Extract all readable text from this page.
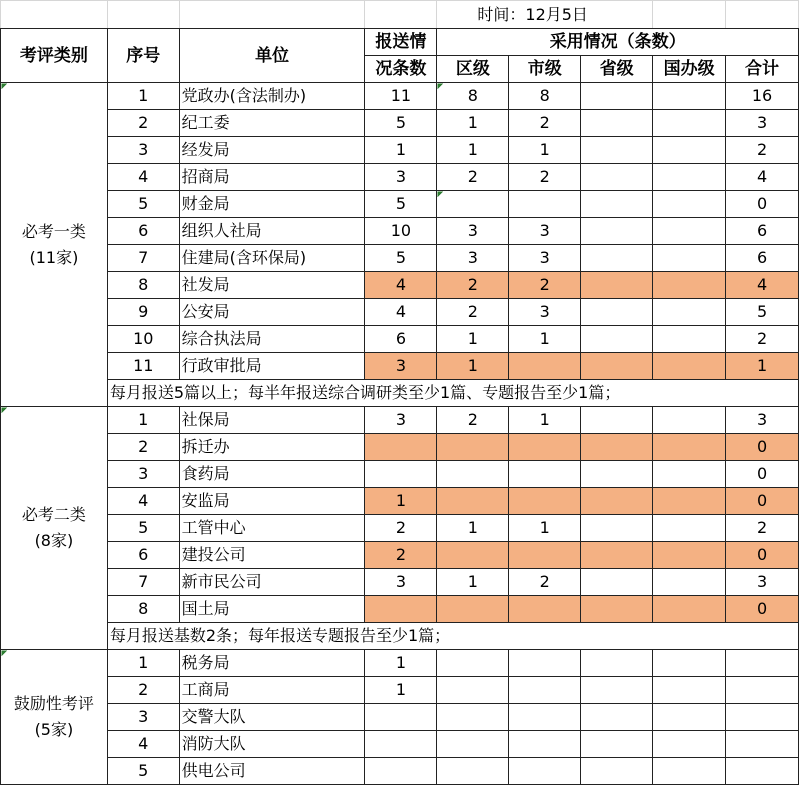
				时间：12月5日				
考评类别	序号	单位	报送情	采用情况（条数）				
			况条数	区级	市级	省级	国办级	合计

必考一类
(11家)	1	党政办(含法制办)	11	8	8			16
	2	纪工委	5	1	2			3
	3	经发局	1	1	1			2
	4	招商局	3	2	2			4
	5	财金局	5					0
	6	组织人社局	10	3	3			6
	7	住建局(含环保局)	5	3	3			6
	8	社发局	4	2	2			4
	9	公安局	4	2	3			5
	10	综合执法局	6	1	1			2
	11	行政审批局	3	1				1
	每月报送5篇以上；每半年报送综合调研类至少1篇、专题报告至少1篇；							

必考二类
(8家)	1	社保局	3	2	1			3
	2	拆迁办						0
	3	食药局						0
	4	安监局	1					0
	5	工管中心	2	1	1			2
	6	建投公司	2					0
	7	新市民公司	3	1	2			3
	8	国土局						0
	每月报送基数2条；每年报送专题报告至少1篇；							

鼓励性考评
(5家)	1	税务局	1					
	2	工商局	1					
	3	交警大队						
	4	消防大队						
	5	供电公司						
